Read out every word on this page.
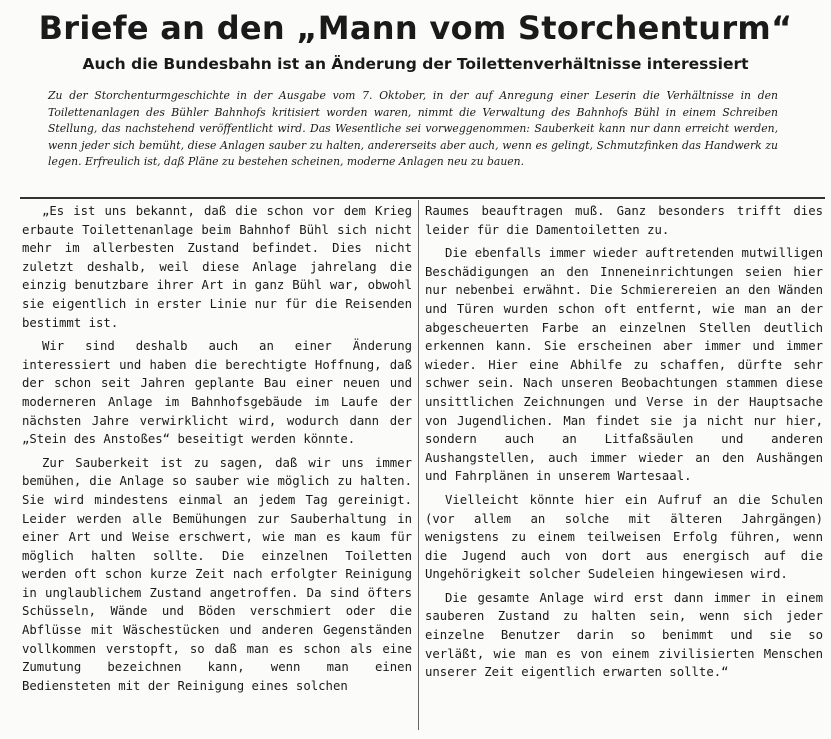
Briefe an den „Mann vom Storchenturm“
Auch die Bundesbahn ist an Änderung der Toilettenverhältnisse interessiert
Zu der Storchenturmgeschichte in der Ausgabe vom 7. Oktober, in der auf Anregung einer Leserin die Verhältnisse in den Toilettenanlagen des Bühler Bahnhofs kritisiert worden waren, nimmt die Verwaltung des Bahnhofs Bühl in einem Schreiben Stellung, das nachstehend veröffentlicht wird. Das Wesentliche sei vorweggenommen: Sauberkeit kann nur dann erreicht werden, wenn jeder sich bemüht, diese Anlagen sauber zu halten, andererseits aber auch, wenn es gelingt, Schmutzfinken das Handwerk zu legen. Erfreulich ist, daß Pläne zu bestehen scheinen, moderne Anlagen neu zu bauen.

„Es ist uns bekannt, daß die schon vor dem Krieg erbaute Toilettenanlage beim Bahnhof Bühl sich nicht mehr im allerbesten Zustand befindet. Dies nicht zuletzt deshalb, weil diese Anlage jahrelang die einzig benutzbare ihrer Art in ganz Bühl war, obwohl sie eigentlich in erster Linie nur für die Reisenden bestimmt ist.

Wir sind deshalb auch an einer Änderung interessiert und haben die berechtigte Hoffnung, daß der schon seit Jahren geplante Bau einer neuen und moderneren Anlage im Bahnhofsgebäude im Laufe der nächsten Jahre verwirklicht wird, wodurch dann der „Stein des Anstoßes“ beseitigt werden könnte.

Zur Sauberkeit ist zu sagen, daß wir uns immer bemühen, die Anlage so sauber wie möglich zu halten. Sie wird mindestens einmal an jedem Tag gereinigt. Leider werden alle Bemühungen zur Sauberhaltung in einer Art und Weise erschwert, wie man es kaum für möglich halten sollte. Die einzelnen Toiletten werden oft schon kurze Zeit nach erfolgter Reinigung in unglaublichem Zustand angetroffen. Da sind öfters Schüsseln, Wände und Böden verschmiert oder die Abflüsse mit Wäschestücken und anderen Gegenständen vollkommen verstopft, so daß man es schon als eine Zumutung bezeichnen kann, wenn man einen Bediensteten mit der Reinigung eines solchen

Raumes beauftragen muß. Ganz besonders trifft dies leider für die Damentoiletten zu.

Die ebenfalls immer wieder auftretenden mutwilligen Beschädigungen an den Inneneinrichtungen seien hier nur nebenbei erwähnt. Die Schmierereien an den Wänden und Türen wurden schon oft entfernt, wie man an der abgescheuerten Farbe an einzelnen Stellen deutlich erkennen kann. Sie erscheinen aber immer und immer wieder. Hier eine Abhilfe zu schaffen, dürfte sehr schwer sein. Nach unseren Beobachtungen stammen diese unsittlichen Zeichnungen und Verse in der Hauptsache von Jugendlichen. Man findet sie ja nicht nur hier, sondern auch an Litfaßsäulen und anderen Aushangstellen, auch immer wieder an den Aushängen und Fahrplänen in unserem Wartesaal.

Vielleicht könnte hier ein Aufruf an die Schulen (vor allem an solche mit älteren Jahrgängen) wenigstens zu einem teilweisen Erfolg führen, wenn die Jugend auch von dort aus energisch auf die Ungehörigkeit solcher Sudeleien hingewiesen wird.

Die gesamte Anlage wird erst dann immer in einem sauberen Zustand zu halten sein, wenn sich jeder einzelne Benutzer darin so benimmt und sie so verläßt, wie man es von einem zivilisierten Menschen unserer Zeit eigentlich erwarten sollte.“
